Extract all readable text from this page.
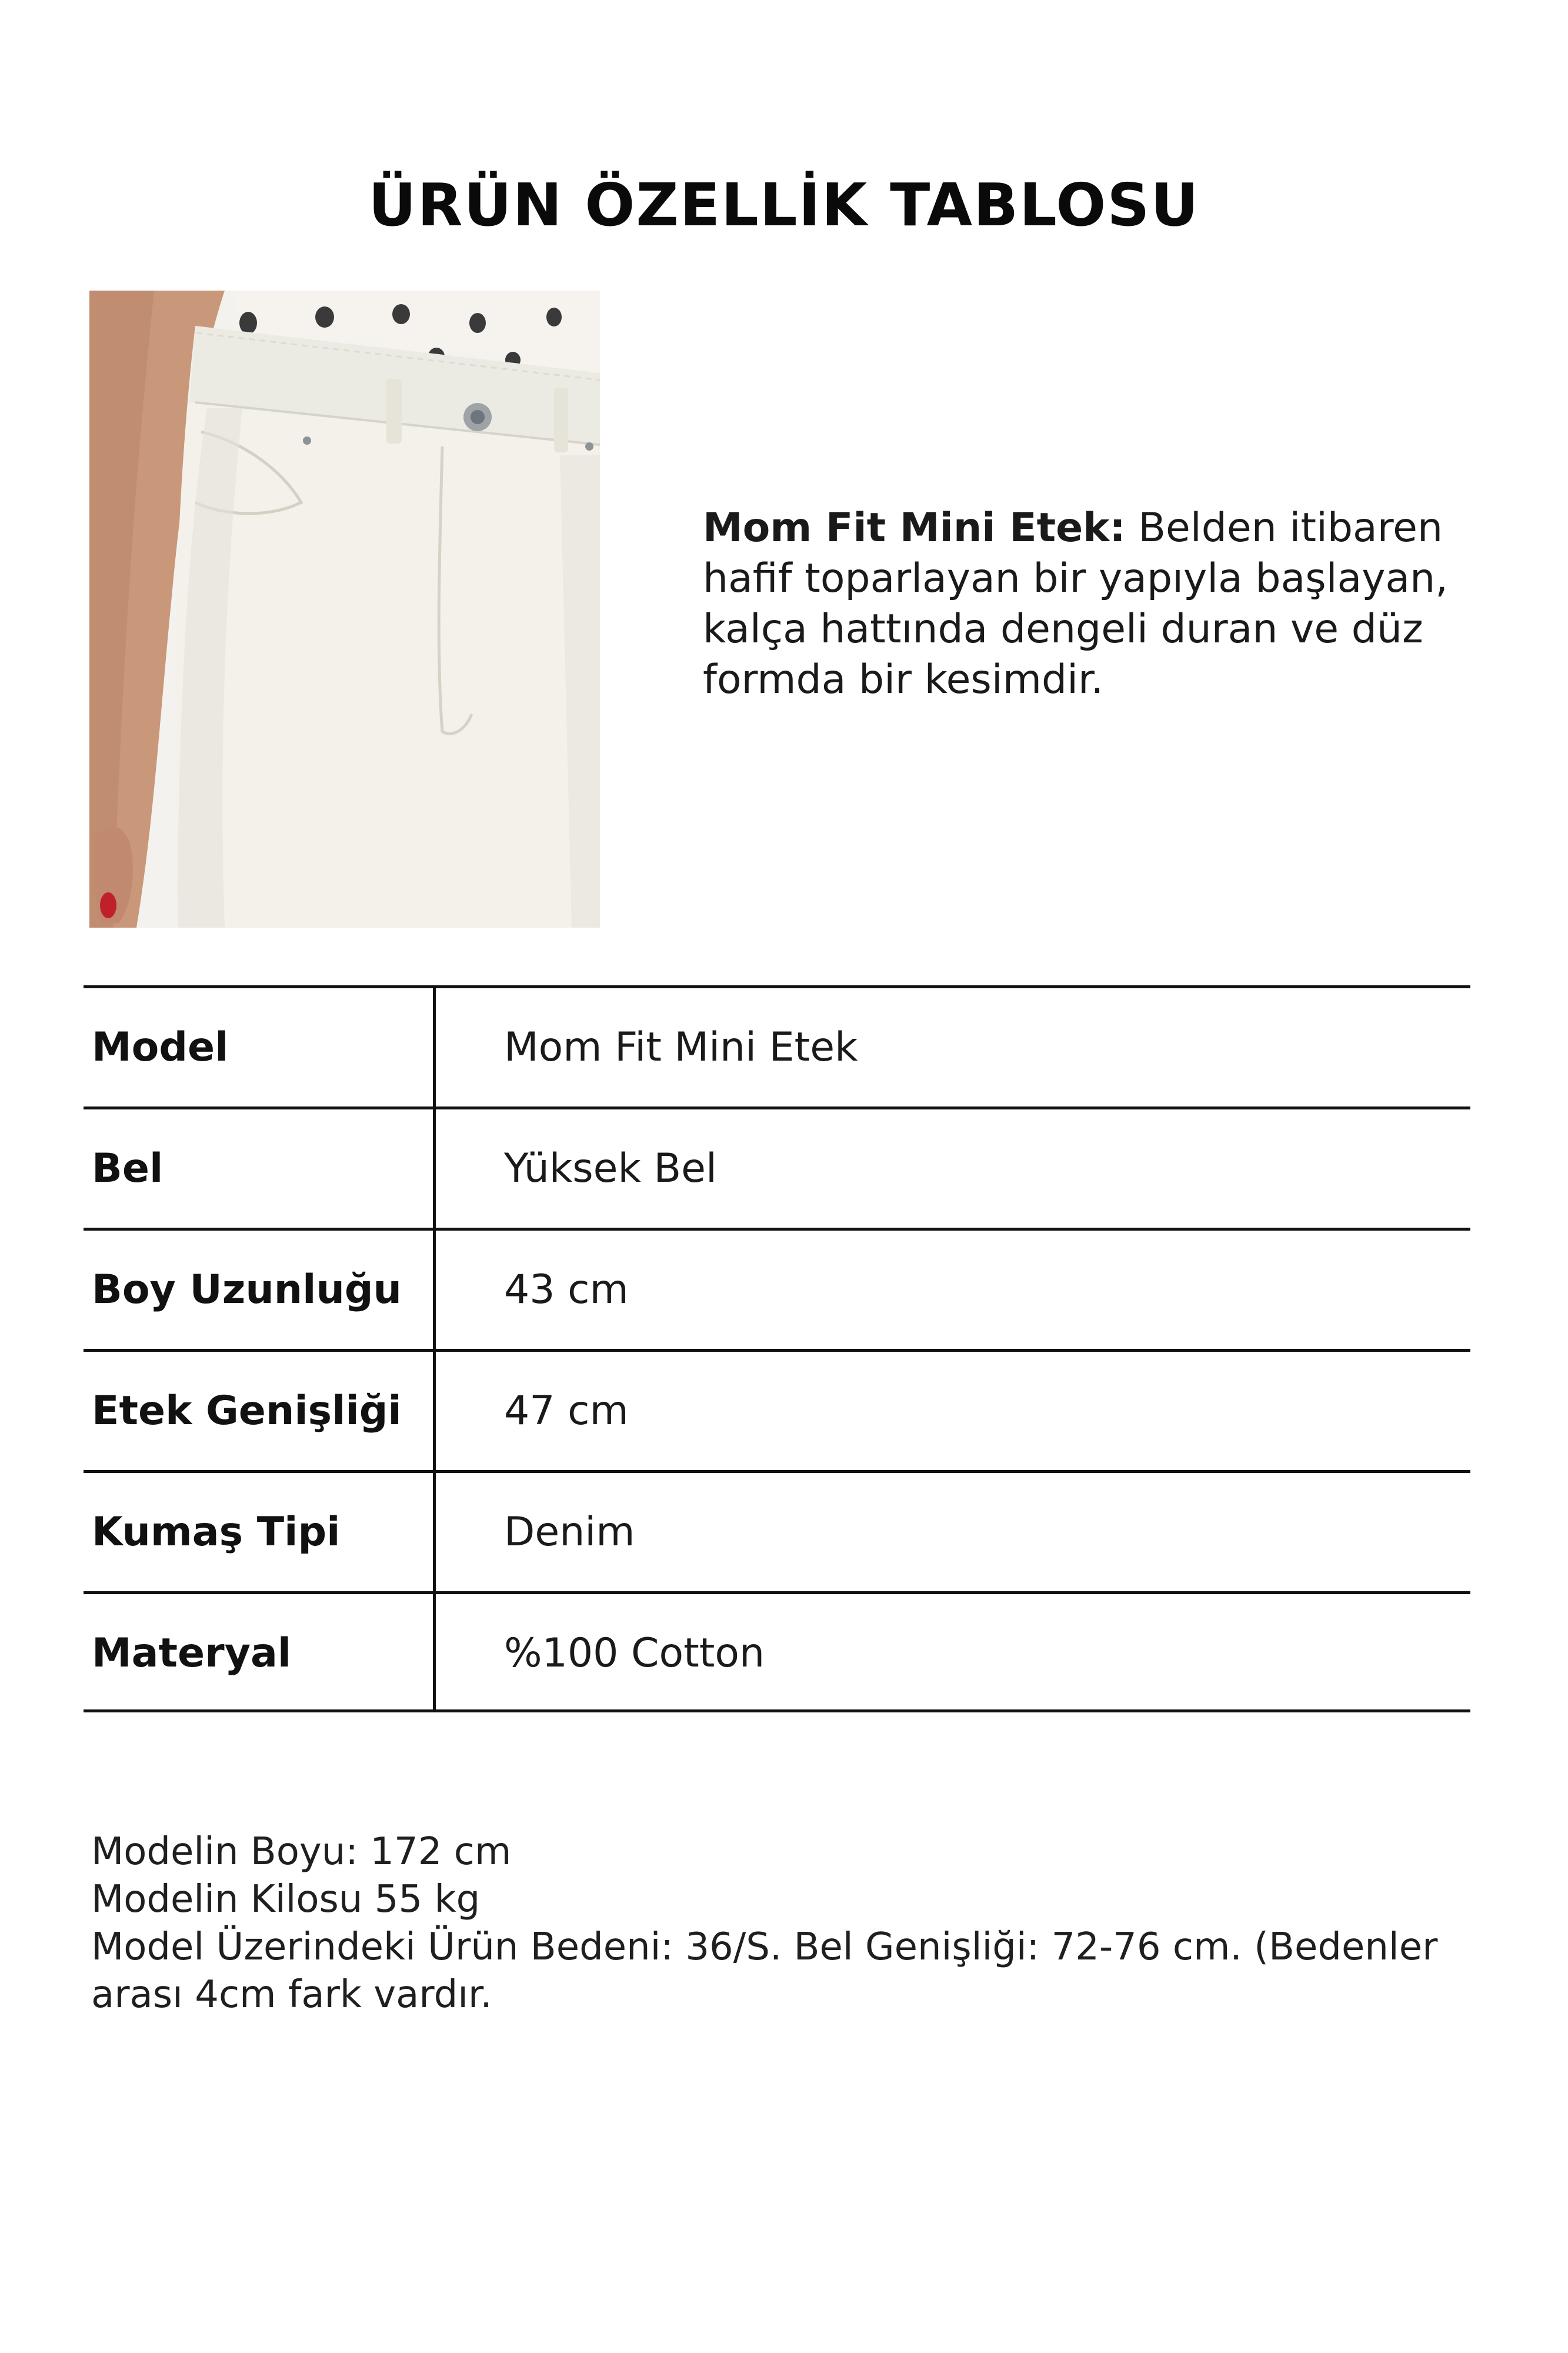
ÜRÜN ÖZELLİK TABLOSU
Mom Fit Mini Etek: Belden itibaren hafif toparlayan bir yapıyla başlayan, kalça hattında dengeli duran ve düz formda bir kesimdir.
Model	Mom Fit Mini Etek
Bel	Yüksek Bel
Boy Uzunluğu	43 cm
Etek Genişliği	47 cm
Kumaş Tipi	Denim
Materyal	%100 Cotton
Modelin Boyu: 172 cm
Modelin Kilosu 55 kg
Model Üzerindeki Ürün Bedeni: 36/S. Bel Genişliği: 72-76 cm. (Bedenler arası 4cm fark vardır.
